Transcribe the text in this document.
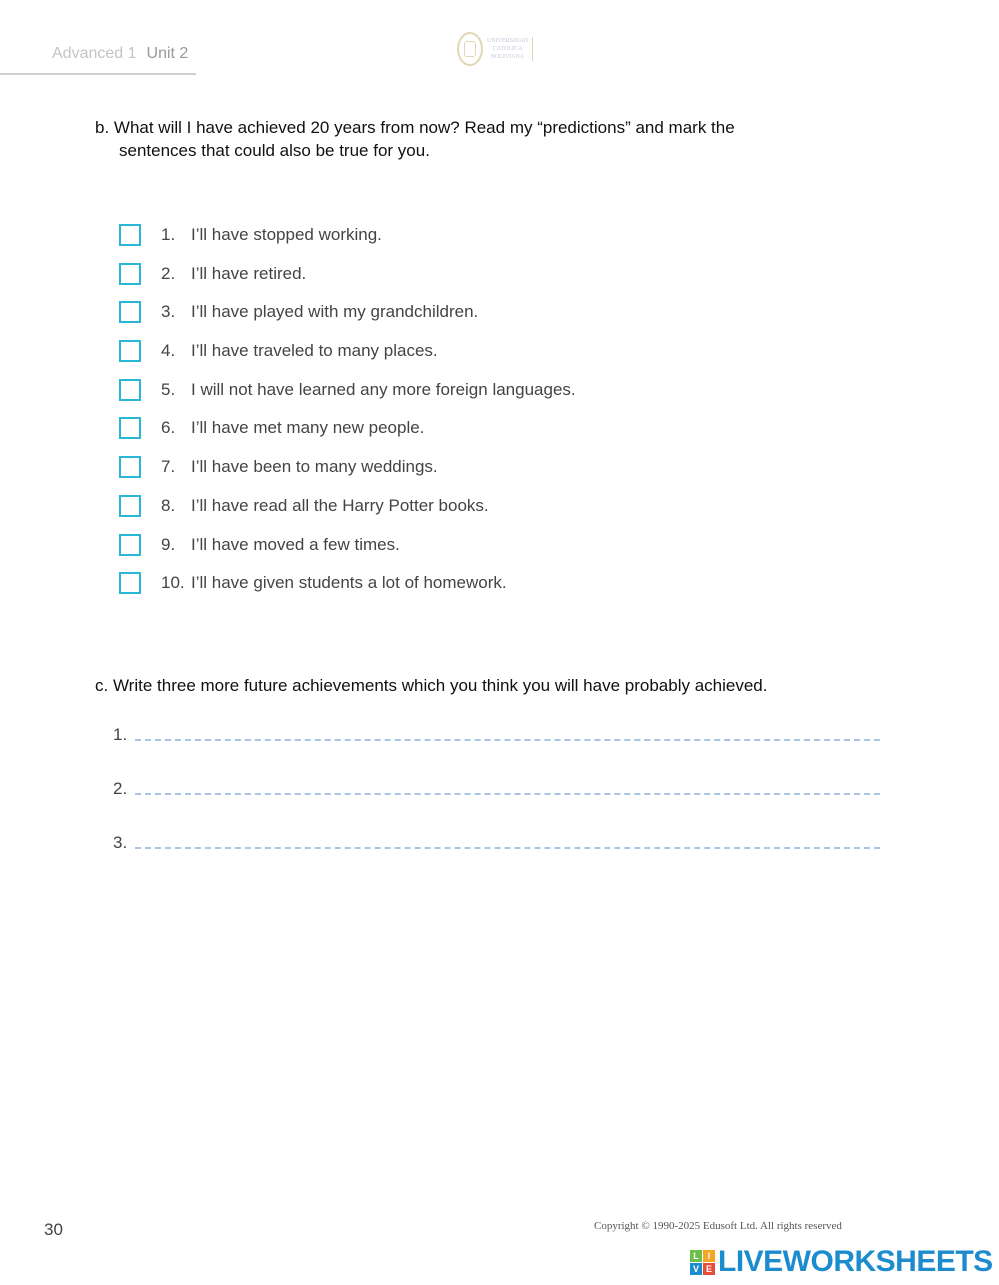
Advanced 1 Unit 2
UNIVERSIDAD
CATÓLICA
BOLIVIANA
b. What will I have achieved 20 years from now? Read my “predictions” and mark the
sentences that could also be true for you.
1. I’ll have stopped working.
2. I’ll have retired.
3. I’ll have played with my grandchildren.
4. I’ll have traveled to many places.
5. I will not have learned any more foreign languages.
6. I’ll have met many new people.
7. I’ll have been to many weddings.
8. I’ll have read all the Harry Potter books.
9. I’ll have moved a few times.
10. I’ll have given students a lot of homework.
c. Write three more future achievements which you think you will have probably achieved.
1.
2.
3.
30	Copyright © 1990-2025 Edusoft Ltd. All rights reserved
L I
V E LIVEWORKSHEETS
